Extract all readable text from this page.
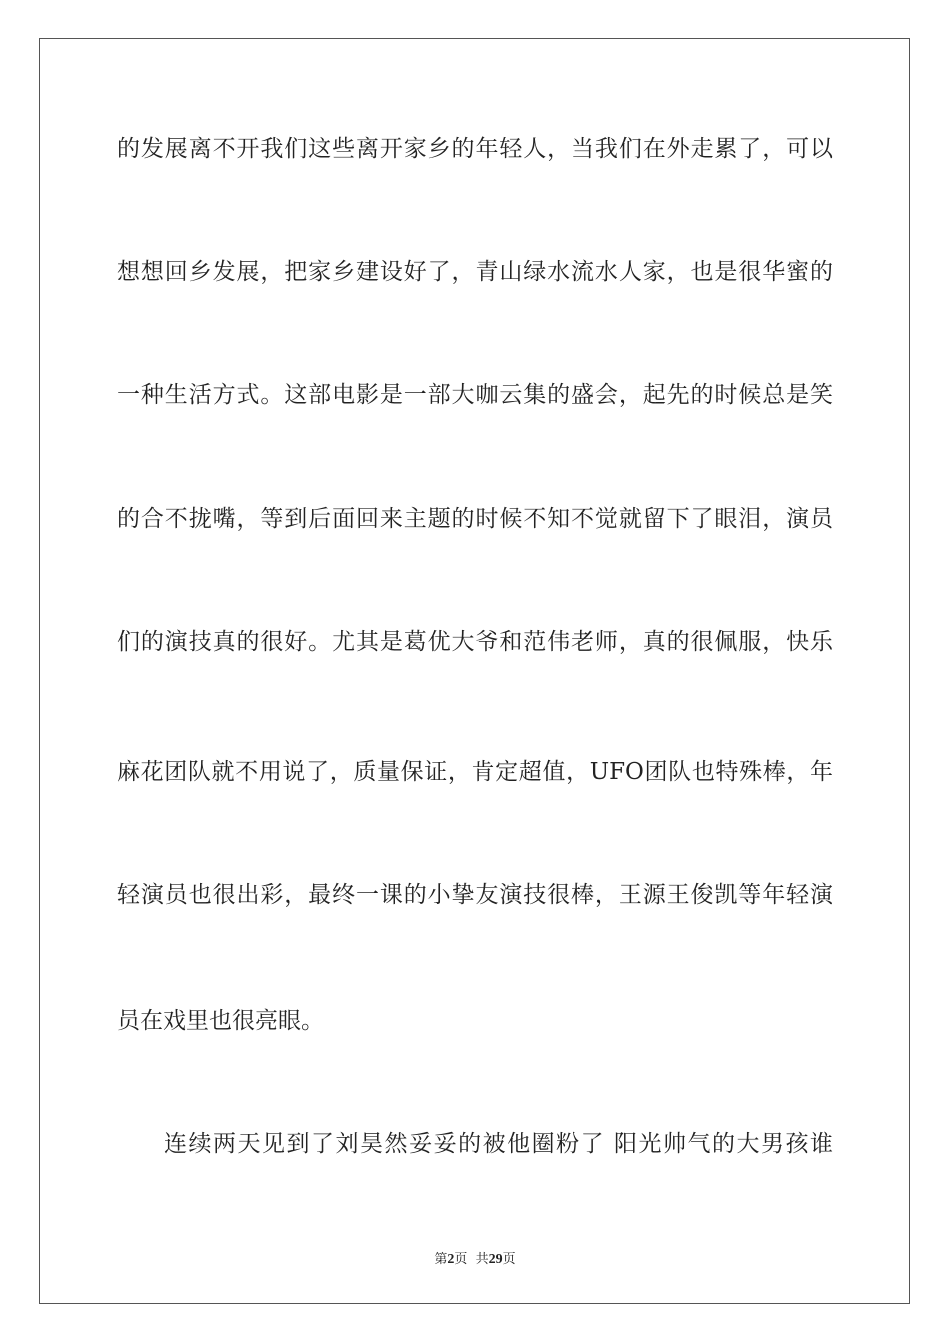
的发展离不开我们这些离开家乡的年轻人，当我们在外走累了，可以
想想回乡发展，把家乡建设好了，青山绿水流水人家，也是很华蜜的
一种生活方式。这部电影是一部大咖云集的盛会，起先的时候总是笑
的合不拢嘴，等到后面回来主题的时候不知不觉就留下了眼泪，演员
们的演技真的很好。尤其是葛优大爷和范伟老师，真的很佩服，快乐
麻花团队就不用说了，质量保证，肯定超值，UFO团队也特殊棒，年
轻演员也很出彩，最终一课的小挚友演技很棒，王源王俊凯等年轻演
员在戏里也很亮眼。
连续两天见到了刘昊然妥妥的被他圈粉了 阳光帅气的大男孩谁
第2页  共29页
